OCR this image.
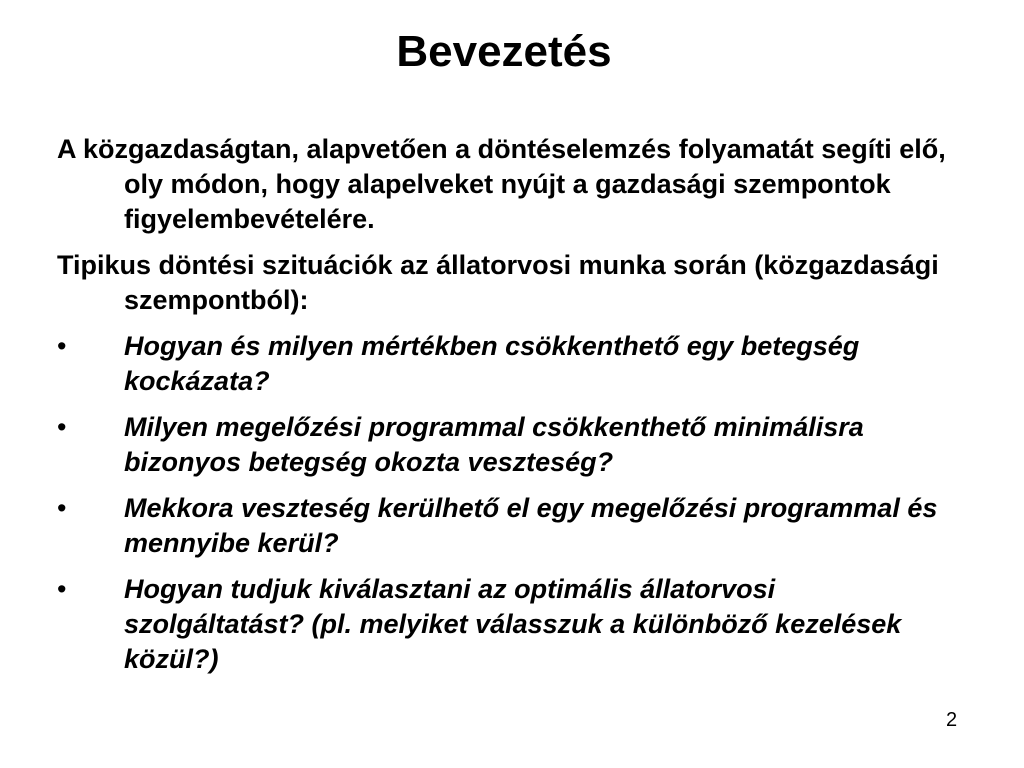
Bevezetés

A közgazdaságtan, alapvetően a döntéselemzés folyamatát segíti elő, oly módon, hogy alapelveket nyújt a gazdasági szempontok figyelembevételére.

Tipikus döntési szituációk az állatorvosi munka során (közgazdasági szempontból):

• Hogyan és milyen mértékben csökkenthető egy betegség kockázata?
• Milyen megelőzési programmal csökkenthető minimálisra bizonyos betegség okozta veszteség?
• Mekkora veszteség kerülhető el egy megelőzési programmal és mennyibe kerül?
• Hogyan tudjuk kiválasztani az optimális állatorvosi szolgáltatást? (pl. melyiket válasszuk a különböző kezelések közül?)
2
